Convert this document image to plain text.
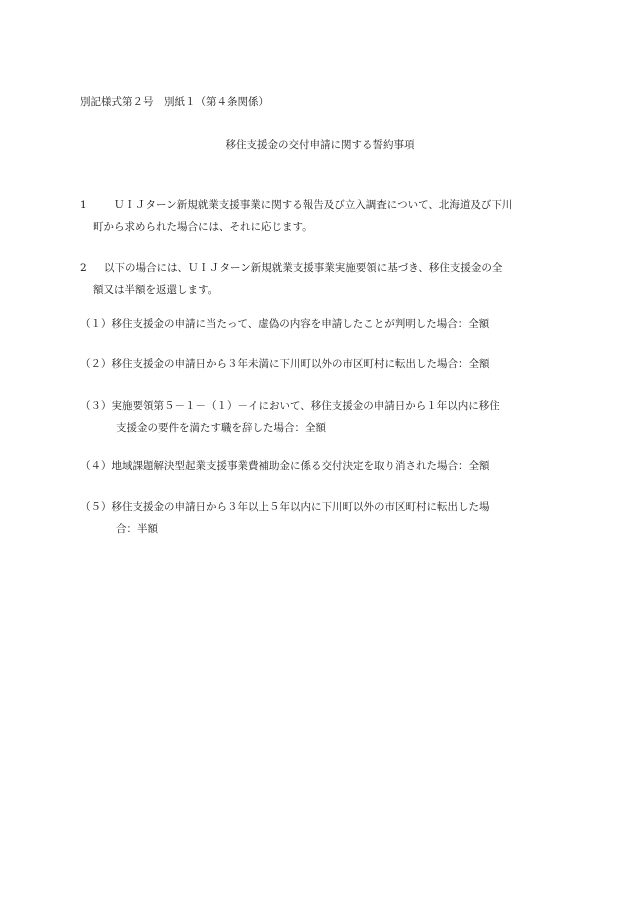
別記様式第２号　別紙１（第４条関係）
移住支援金の交付申請に関する誓約事項
1	ＵＩＪターン新規就業支援事業に関する報告及び立入調査について、北海道及び下川
町から求められた場合には、それに応じます。
2 以下の場合には、ＵＩＪターン新規就業支援事業実施要領に基づき、移住支援金の全
額又は半額を返還します。
（１）移住支援金の申請に当たって、虚偽の内容を申請したことが判明した場合：全額
（２）移住支援金の申請日から３年未満に下川町以外の市区町村に転出した場合：全額
（３）実施要領第５－１－（１）－イにおいて、移住支援金の申請日から１年以内に移住
支援金の要件を満たす職を辞した場合：全額
（４）地域課題解決型起業支援事業費補助金に係る交付決定を取り消された場合：全額
（５）移住支援金の申請日から３年以上５年以内に下川町以外の市区町村に転出した場
合：半額
